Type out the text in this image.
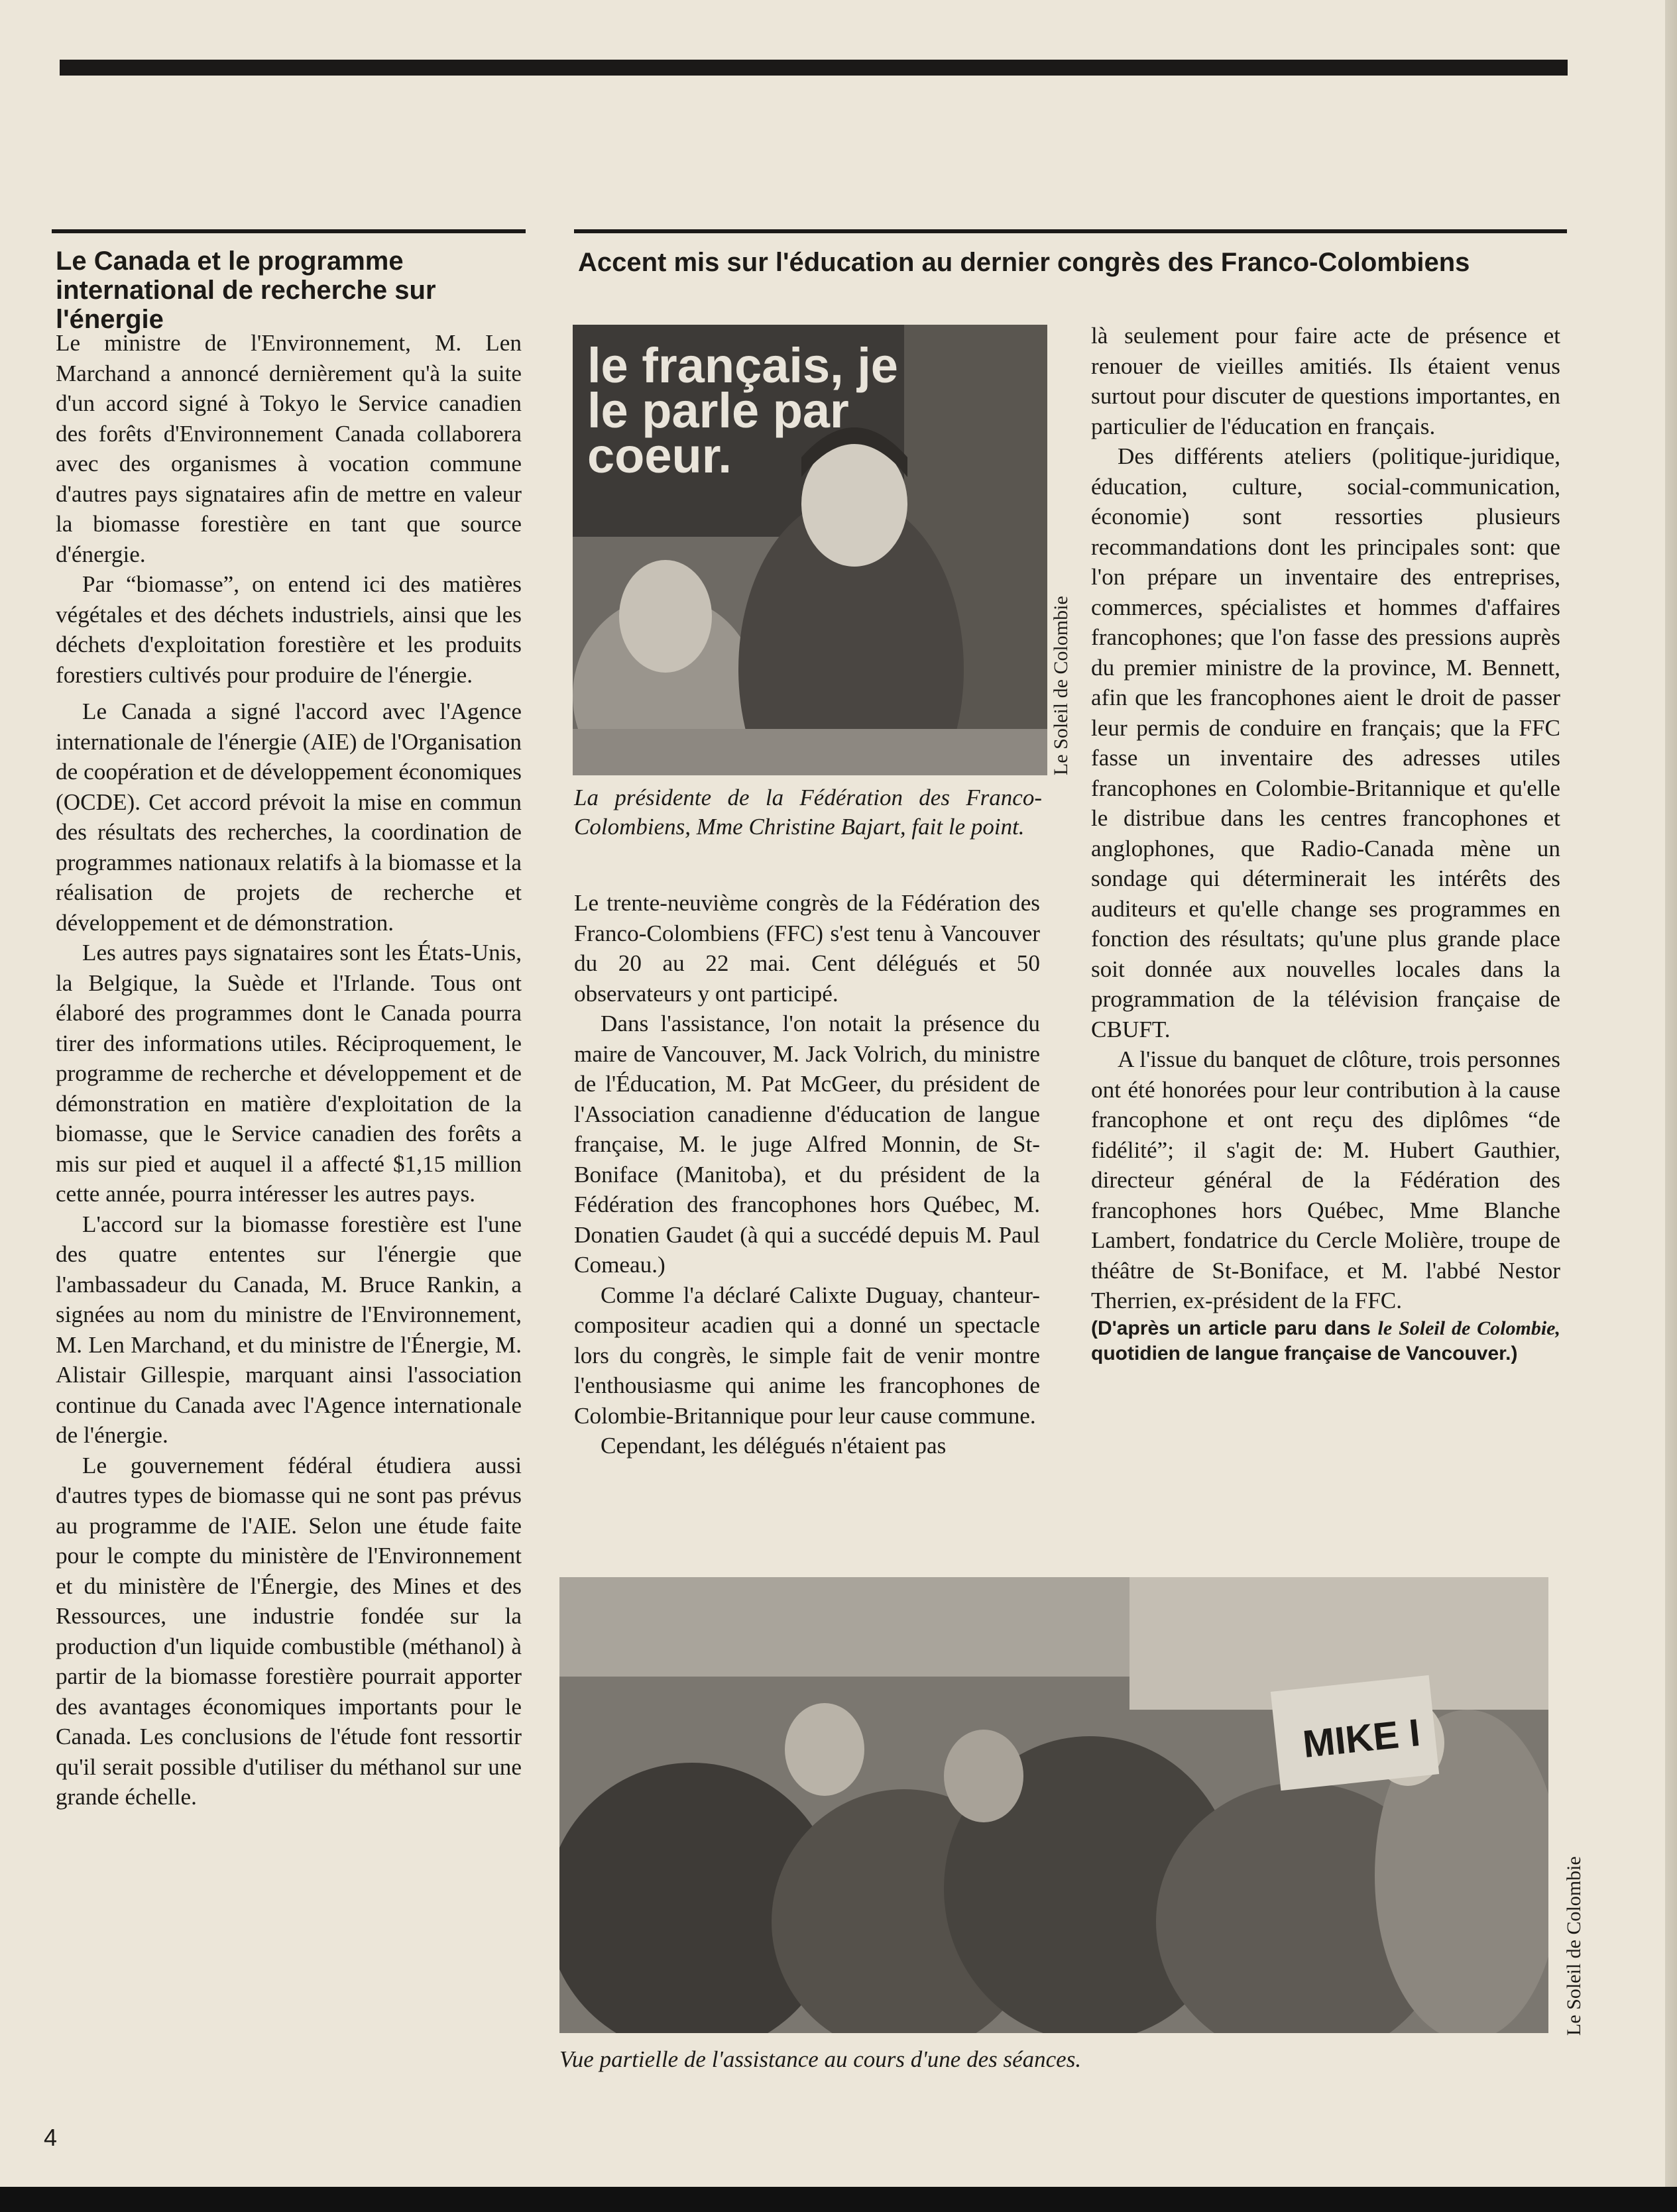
Le Canada et le programme international de recherche sur l'énergie

Le ministre de l'Environnement, M. Len Marchand a annoncé dernièrement qu'à la suite d'un accord signé à Tokyo le Service canadien des forêts d'Environnement Canada collaborera avec des organismes à vocation commune d'autres pays signataires afin de mettre en valeur la biomasse forestière en tant que source d'énergie.

Par “biomasse”, on entend ici des matières végétales et des déchets industriels, ainsi que les déchets d'exploitation forestière et les produits forestiers cultivés pour produire de l'énergie.

Le Canada a signé l'accord avec l'Agence internationale de l'énergie (AIE) de l'Organisation de coopération et de développement économiques (OCDE). Cet accord prévoit la mise en commun des résultats des recherches, la coordination de programmes nationaux relatifs à la biomasse et la réalisation de projets de recherche et développement et de démonstration.

Les autres pays signataires sont les États-Unis, la Belgique, la Suède et l'Irlande. Tous ont élaboré des programmes dont le Canada pourra tirer des informations utiles. Réciproquement, le programme de recherche et développement et de démonstration en matière d'exploitation de la biomasse, que le Service canadien des forêts a mis sur pied et auquel il a affecté $1,15 million cette année, pourra intéresser les autres pays.

L'accord sur la biomasse forestière est l'une des quatre ententes sur l'énergie que l'ambassadeur du Canada, M. Bruce Rankin, a signées au nom du ministre de l'Environnement, M. Len Marchand, et du ministre de l'Énergie, M. Alistair Gillespie, marquant ainsi l'association continue du Canada avec l'Agence internationale de l'énergie.

Le gouvernement fédéral étudiera aussi d'autres types de biomasse qui ne sont pas prévus au programme de l'AIE. Selon une étude faite pour le compte du ministère de l'Environnement et du ministère de l'Énergie, des Mines et des Ressources, une industrie fondée sur la production d'un liquide combustible (méthanol) à partir de la biomasse forestière pourrait apporter des avantages économiques importants pour le Canada. Les conclusions de l'étude font ressortir qu'il serait possible d'utiliser du méthanol sur une grande échelle.

Accent mis sur l'éducation au dernier congrès des Franco-Colombiens
le français, je le parle par coeur.
Le Soleil de Colombie
La présidente de la Fédération des Franco-Colombiens, Mme Christine Bajart, fait le point.

Le trente-neuvième congrès de la Fédération des Franco-Colombiens (FFC) s'est tenu à Vancouver du 20 au 22 mai. Cent délégués et 50 observateurs y ont participé.

Dans l'assistance, l'on notait la présence du maire de Vancouver, M. Jack Volrich, du ministre de l'Éducation, M. Pat McGeer, du président de l'Association canadienne d'éducation de langue française, M. le juge Alfred Monnin, de St-Boniface (Manitoba), et du président de la Fédération des francophones hors Québec, M. Donatien Gaudet (à qui a succédé depuis M. Paul Comeau.)

Comme l'a déclaré Calixte Duguay, chanteur-compositeur acadien qui a donné un spectacle lors du congrès, le simple fait de venir montre l'enthousiasme qui anime les francophones de Colombie-Britannique pour leur cause commune.

Cependant, les délégués n'étaient pas

là seulement pour faire acte de présence et renouer de vieilles amitiés. Ils étaient venus surtout pour discuter de questions importantes, en particulier de l'éducation en français.

Des différents ateliers (politique-juridique, éducation, culture, social-communication, économie) sont ressorties plusieurs recommandations dont les principales sont: que l'on prépare un inventaire des entreprises, commerces, spécialistes et hommes d'affaires francophones; que l'on fasse des pressions auprès du premier ministre de la province, M. Bennett, afin que les francophones aient le droit de passer leur permis de conduire en français; que la FFC fasse un inventaire des adresses utiles francophones en Colombie-Britannique et qu'elle le distribue dans les centres francophones et anglophones, que Radio-Canada mène un sondage qui déterminerait les intérêts des auditeurs et qu'elle change ses programmes en fonction des résultats; qu'une plus grande place soit donnée aux nouvelles locales dans la programmation de la télévision française de CBUFT.

A l'issue du banquet de clôture, trois personnes ont été honorées pour leur contribution à la cause francophone et ont reçu des diplômes “de fidélité”; il s'agit de: M. Hubert Gauthier, directeur général de la Fédération des francophones hors Québec, Mme Blanche Lambert, fondatrice du Cercle Molière, troupe de théâtre de St-Boniface, et M. l'abbé Nestor Therrien, ex-président de la FFC.

(D'après un article paru dans le Soleil de Colombie, quotidien de langue française de Vancouver.)

MIKE I
Le Soleil de Colombie
Vue partielle de l'assistance au cours d'une des séances.
4
